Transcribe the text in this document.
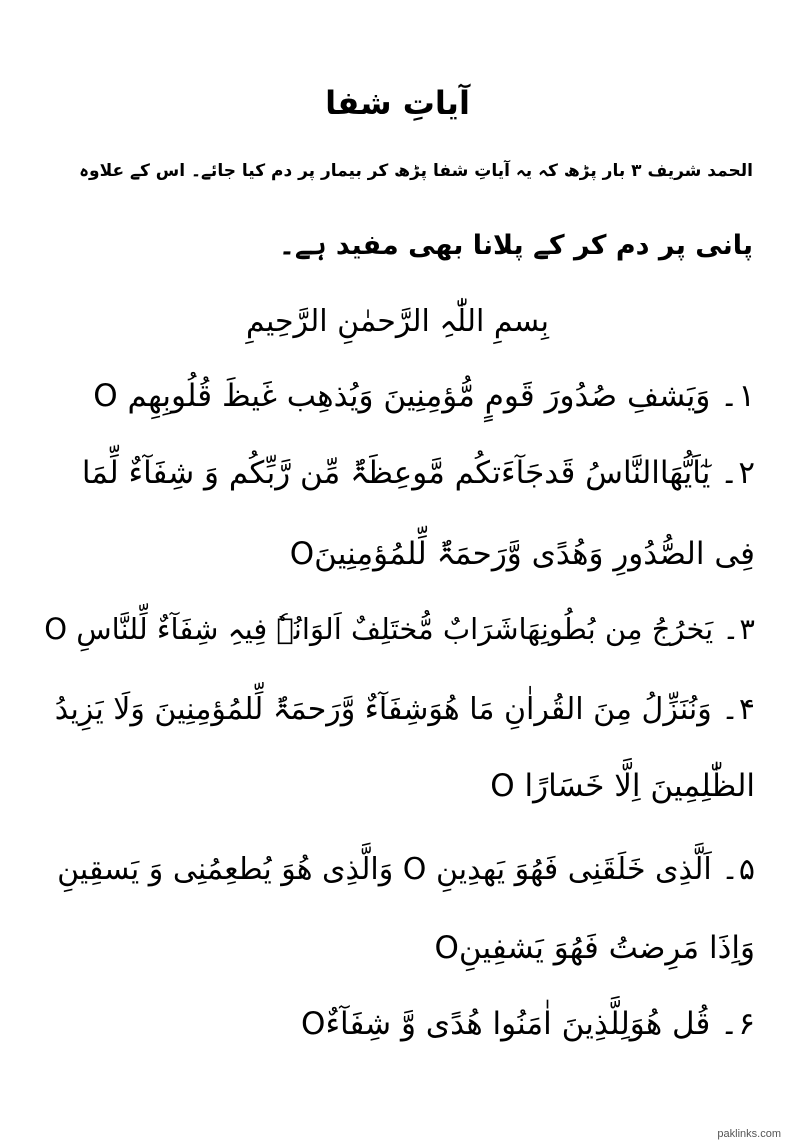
آیاتِ شفا
الحمد شریف ۳ بار پڑھ کہ یہ آیاتِ شفا پڑھ کر بیمار پر دم کیا جائے۔ اس کے علاوہ
پانی پر دم کر کے پلانا بھی مفید ہے۔
بِسمِ اللّٰہِ الرَّحمٰنِ الرَّحِیمِ
۱۔ وَیَشفِ صُدُورَ قَومٍ مُّؤمِنِینَ وَیُذھِب غَیظَ قُلُوبِھِم O
۲۔ یٰٓاَیُّھَاالنَّاسُ قَدجَآءَتکُم مَّوعِظَۃٌ مِّن رَّبِّکُم وَ شِفَآءٌ لِّمَا
فِی الصُّدُورِ وَھُدًی وَّرَحمَۃٌ لِّلمُؤمِنِینَO
۳۔ یَخرُجُ مِن بُطُونِھَاشَرَابٌ مُّختَلِفٌ اَلوَانُہٗ فِیہِ شِفَآءٌ لِّلنَّاسِ O
۴۔ وَنُنَزِّلُ مِنَ القُراٰنِ مَا ھُوَشِفَآءٌ وَّرَحمَۃٌ لِّلمُؤمِنِینَ وَلَا یَزِیدُ
الظّٰلِمِینَ اِلَّا خَسَارًا O
۵۔ اَلَّذِی خَلَقَنِی فَھُوَ یَھدِینِ O وَالَّذِی ھُوَ یُطعِمُنِی وَ یَسقِینِ
وَاِذَا مَرِضتُ فَھُوَ یَشفِینِO
۶۔ قُل ھُوَلِلَّذِینَ اٰمَنُوا ھُدًی وَّ شِفَآءٌO
paklinks.com
